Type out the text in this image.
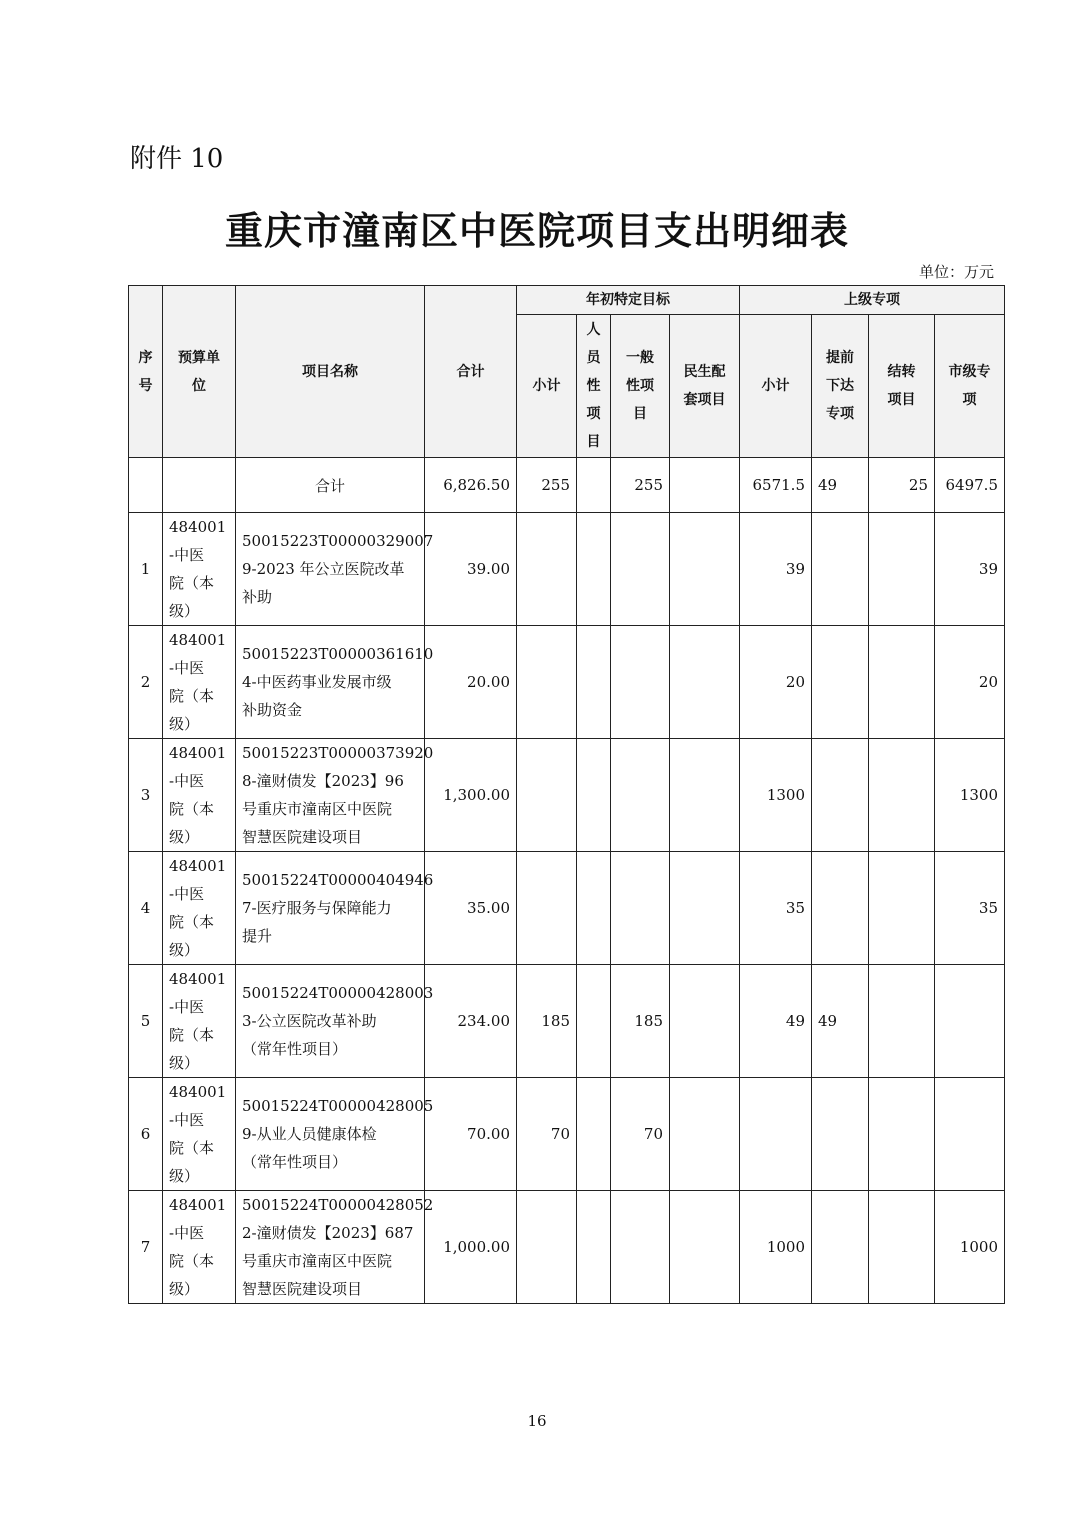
附件 10
重庆市潼南区中医院项目支出明细表
单位：万元
序
号	预算单
位	项目名称	合计	年初特定目标				上级专项			
				小计	人
员
性
项
目	一般
性项
目	民生配
套项目	小计	提前
下达
专项	结转
项目	市级专
项
		合计	6,826.50	255		255		6571.5	49	25	6497.5
1	484001
-中医
院（本
级）	50015223T00000329007
9-2023 年公立医院改革
补助	39.00					39			39
2	484001
-中医
院（本
级）	50015223T00000361610
4-中医药事业发展市级
补助资金	20.00					20			20
3	484001
-中医
院（本
级）	50015223T00000373920
8-潼财债发【2023】96
号重庆市潼南区中医院
智慧医院建设项目	1,300.00					1300			1300
4	484001
-中医
院（本
级）	50015224T00000404946
7-医疗服务与保障能力
提升	35.00					35			35
5	484001
-中医
院（本
级）	50015224T00000428003
3-公立医院改革补助
（常年性项目）	234.00	185		185		49	49		
6	484001
-中医
院（本
级）	50015224T00000428005
9-从业人员健康体检
（常年性项目）	70.00	70		70					
7	484001
-中医
院（本
级）	50015224T00000428052
2-潼财债发【2023】687
号重庆市潼南区中医院
智慧医院建设项目	1,000.00					1000			1000
16
